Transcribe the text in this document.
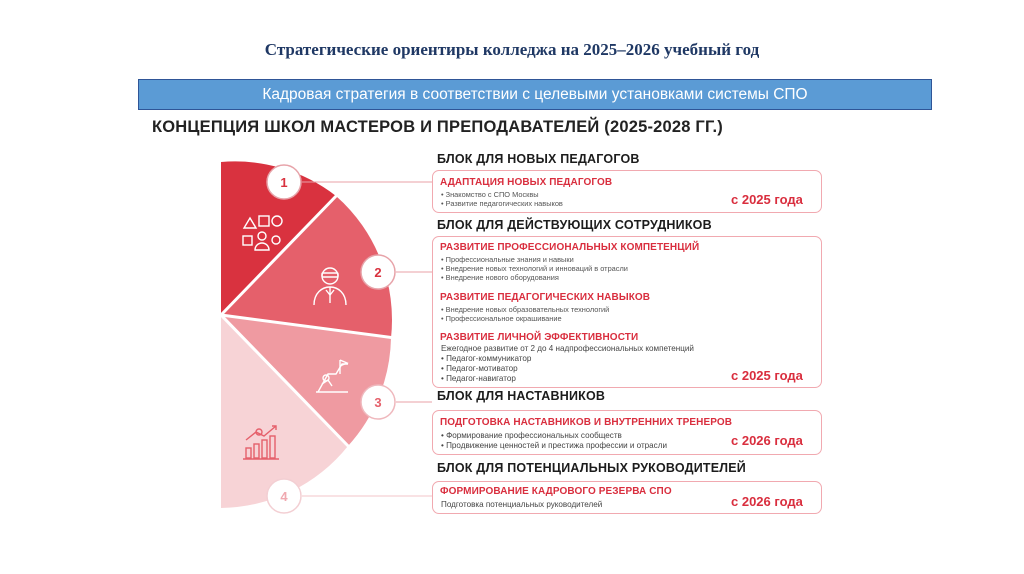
Стратегические ориентиры колледжа на 2025–2026 учебный год
Кадровая стратегия в соответствии с целевыми установками системы СПО
КОНЦЕПЦИЯ ШКОЛ МАСТЕРОВ И ПРЕПОДАВАТЕЛЕЙ (2025-2028 ГГ.)
1
2
3
4
БЛОК ДЛЯ НОВЫХ ПЕДАГОГОВ
АДАПТАЦИЯ НОВЫХ ПЕДАГОГОВ
• Знакомство с СПО Москвы
• Развитие педагогических навыков	с 2025 года
БЛОК ДЛЯ ДЕЙСТВУЮЩИХ СОТРУДНИКОВ
РАЗВИТИЕ ПРОФЕССИОНАЛЬНЫХ КОМПЕТЕНЦИЙ
• Профессиональные знания и навыки
• Внедрение новых технологий и инноваций в отрасли
• Внедрение нового оборудования
РАЗВИТИЕ ПЕДАГОГИЧЕСКИХ НАВЫКОВ
• Внедрение новых образовательных технологий
• Профессиональное окрашивание
РАЗВИТИЕ ЛИЧНОЙ ЭФФЕКТИВНОСТИ
Ежегодное развитие от 2 до 4 надпрофессиональных компетенций
• Педагог-коммуникатор
• Педагог-мотиватор
• Педагог-навигатор	с 2025 года
БЛОК ДЛЯ НАСТАВНИКОВ
ПОДГОТОВКА НАСТАВНИКОВ И ВНУТРЕННИХ ТРЕНЕРОВ
• Формирование профессиональных сообществ
• Продвижение ценностей и престижа профессии и отрасли	с 2026 года
БЛОК ДЛЯ ПОТЕНЦИАЛЬНЫХ РУКОВОДИТЕЛЕЙ
ФОРМИРОВАНИЕ КАДРОВОГО РЕЗЕРВА СПО
Подготовка потенциальных руководителей	с 2026 года
